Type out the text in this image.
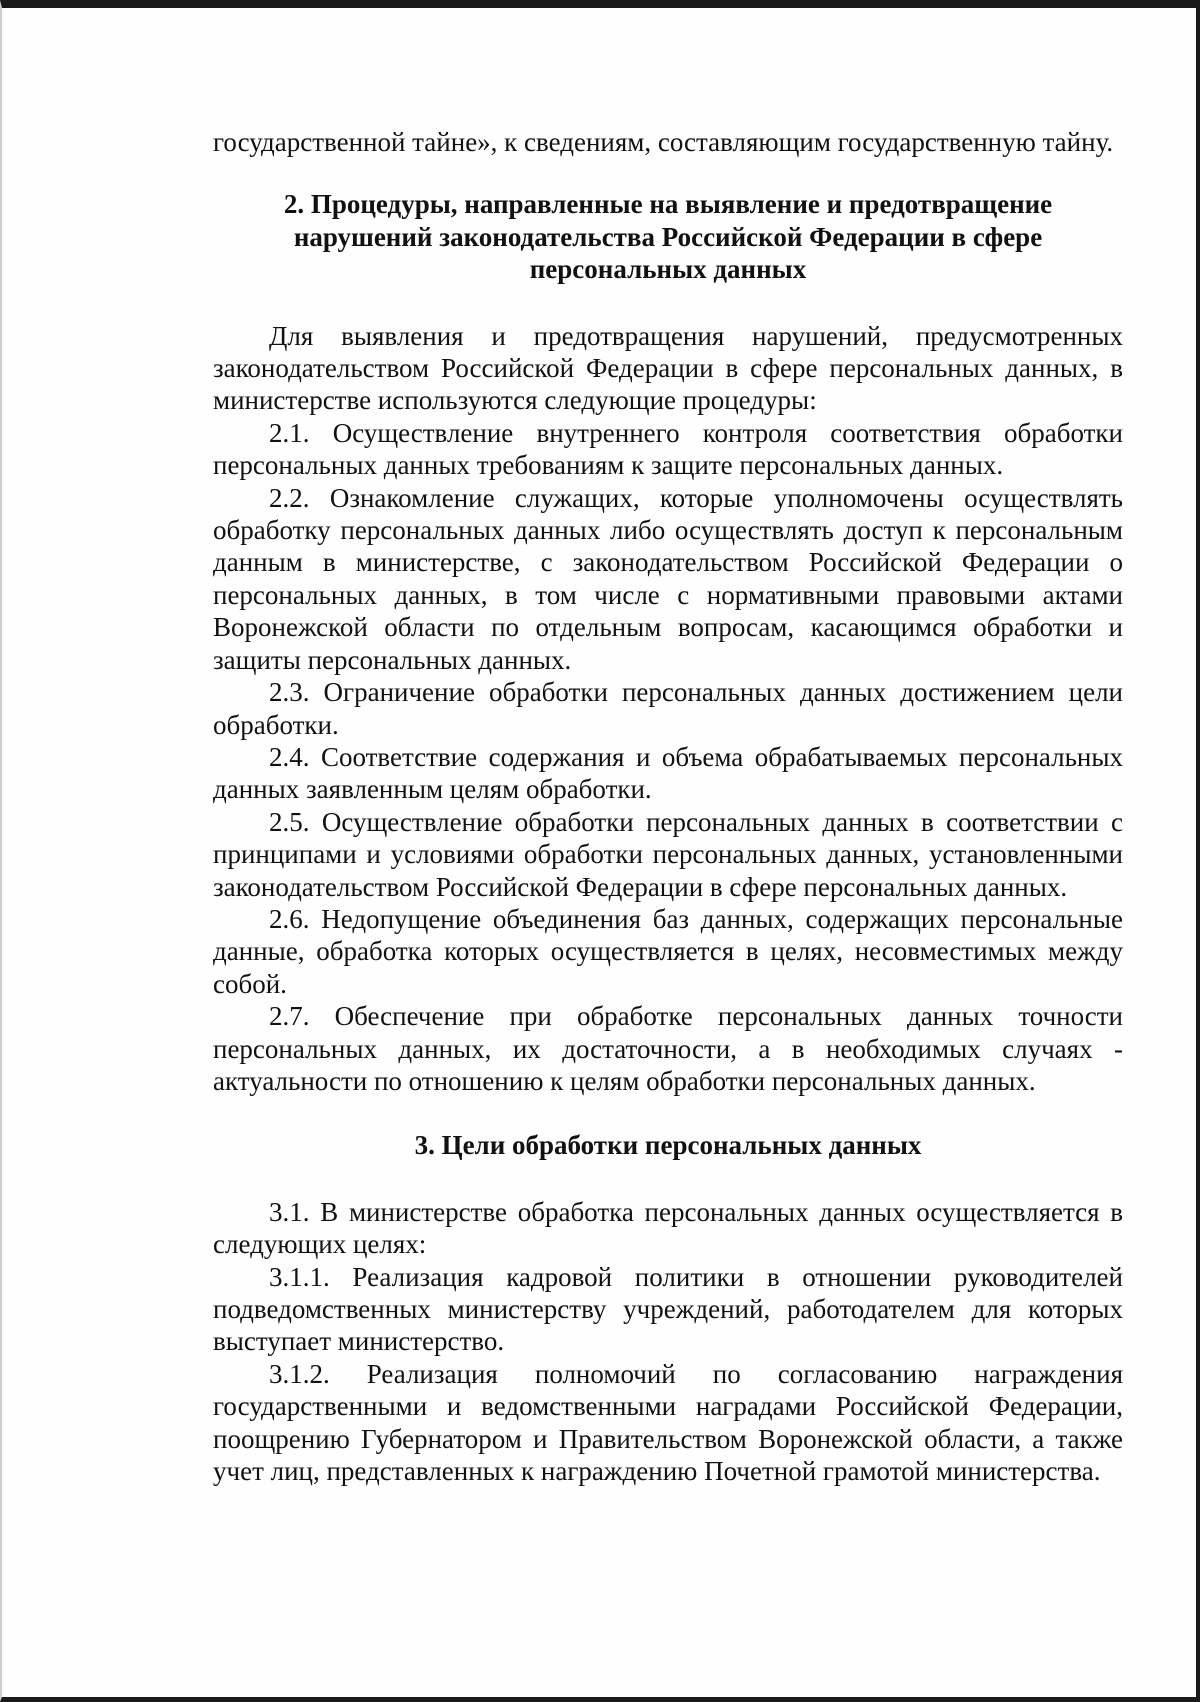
государственной тайне», к сведениям, составляющим государственную тайну.

2. Процедуры, направленные на выявление и предотвращение нарушений законодательства Российской Федерации в сфере персональных данных

Для выявления и предотвращения нарушений, предусмотренных законодательством Российской Федерации в сфере персональных данных, в министерстве используются следующие процедуры:

2.1. Осуществление внутреннего контроля соответствия обработки персональных данных требованиям к защите персональных данных.

2.2. Ознакомление служащих, которые уполномочены осуществлять обработку персональных данных либо осуществлять доступ к персональным данным в министерстве, с законодательством Российской Федерации о персональных данных, в том числе с нормативными правовыми актами Воронежской области по отдельным вопросам, касающимся обработки и защиты персональных данных.

2.3. Ограничение обработки персональных данных достижением цели обработки.

2.4. Соответствие содержания и объема обрабатываемых персональных данных заявленным целям обработки.

2.5. Осуществление обработки персональных данных в соответствии с принципами и условиями обработки персональных данных, установленными законодательством Российской Федерации в сфере персональных данных.

2.6. Недопущение объединения баз данных, содержащих персональные данные, обработка которых осуществляется в целях, несовместимых между собой.

2.7. Обеспечение при обработке персональных данных точности персональных данных, их достаточности, а в необходимых случаях - актуальности по отношению к целям обработки персональных данных.

3. Цели обработки персональных данных

3.1. В министерстве обработка персональных данных осуществляется в следующих целях:

3.1.1. Реализация кадровой политики в отношении руководителей подведомственных министерству учреждений, работодателем для которых выступает министерство.

3.1.2. Реализация полномочий по согласованию награждения государственными и ведомственными наградами Российской Федерации, поощрению Губернатором и Правительством Воронежской области, а также учет лиц, представленных к награждению Почетной грамотой министерства.
